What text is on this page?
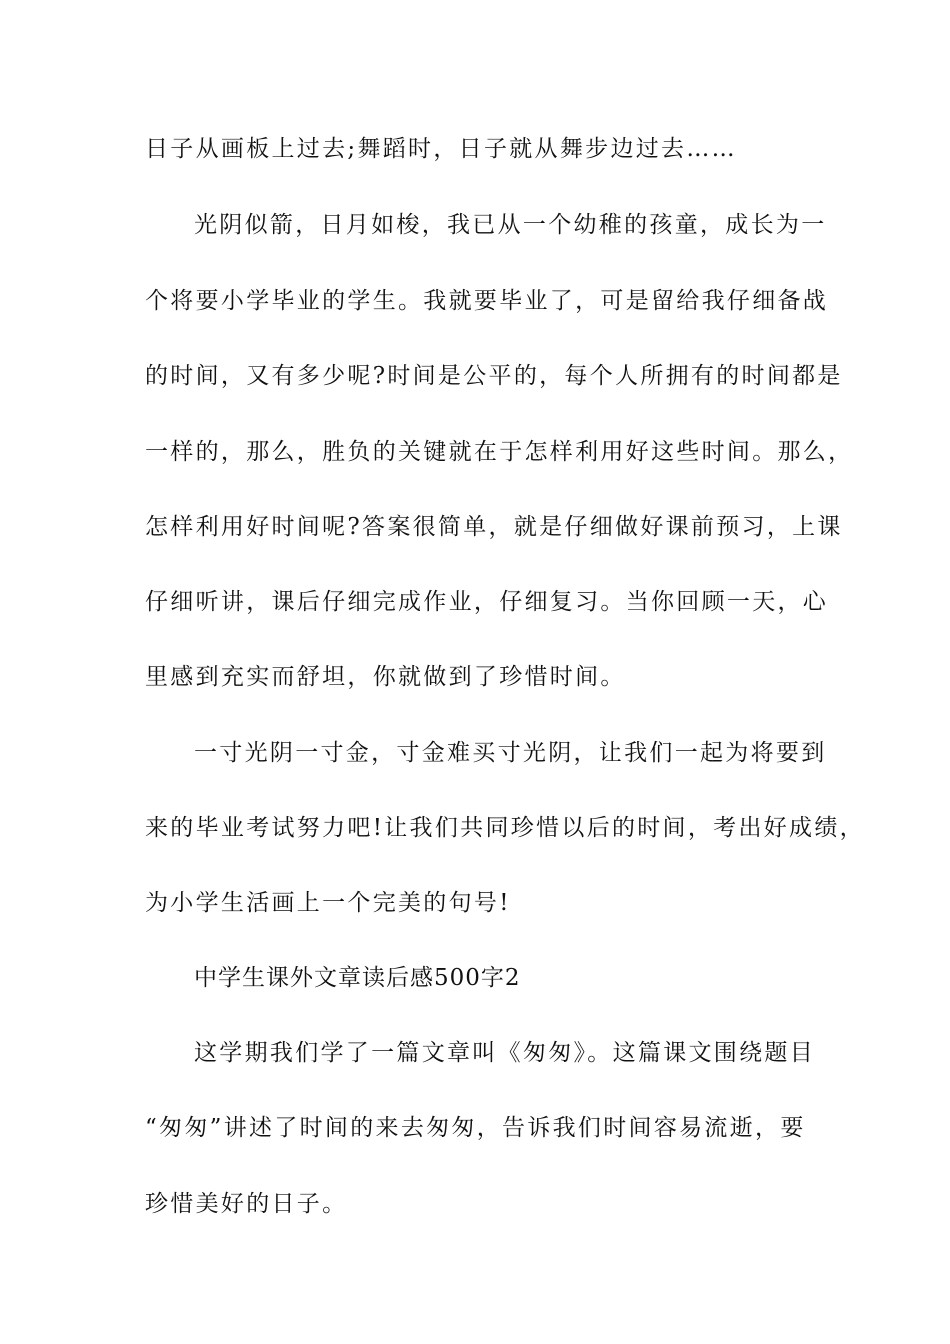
日子从画板上过去;舞蹈时，日子就从舞步边过去……
光阴似箭，日月如梭，我已从一个幼稚的孩童，成长为一
个将要小学毕业的学生。我就要毕业了，可是留给我仔细备战
的时间，又有多少呢?时间是公平的，每个人所拥有的时间都是
一样的，那么，胜负的关键就在于怎样利用好这些时间。那么，
怎样利用好时间呢?答案很简单，就是仔细做好课前预习，上课
仔细听讲，课后仔细完成作业，仔细复习。当你回顾一天，心
里感到充实而舒坦，你就做到了珍惜时间。
一寸光阴一寸金，寸金难买寸光阴，让我们一起为将要到
来的毕业考试努力吧!让我们共同珍惜以后的时间，考出好成绩，
为小学生活画上一个完美的句号!
中学生课外文章读后感500字2
这学期我们学了一篇文章叫《匆匆》。这篇课文围绕题目
“匆匆”讲述了时间的来去匆匆，告诉我们时间容易流逝，要
珍惜美好的日子。
